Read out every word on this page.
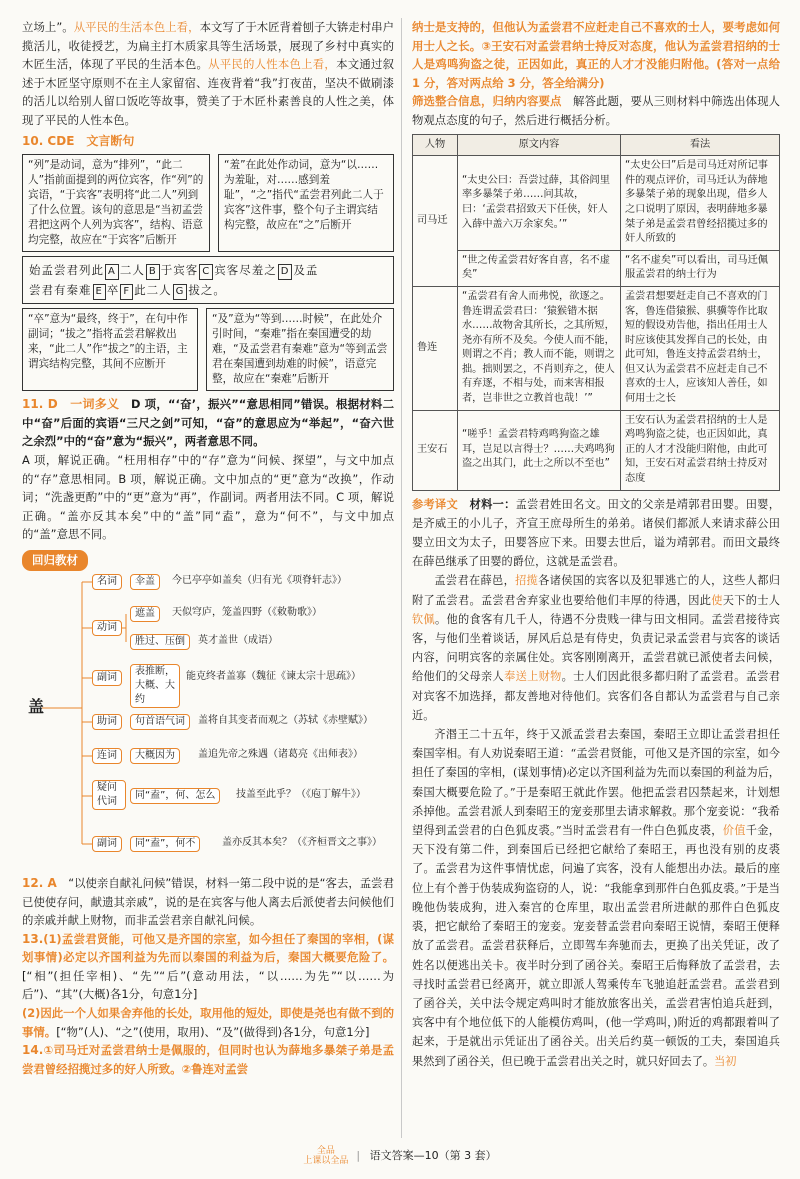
立场上”。从平民的生活本色上看，本文写了于木匠背着刨子大锛走村串户揽活儿，收徒授艺，为扁主打木质家具等生活场景，展现了乡村中真实的木匠生活，体现了平民的生活本色。从平民的人性本色上看，本文通过叙述于木匠坚守原则不在主人家留宿、连夜背着“我”打夜苗，坚决不做刷漆的活儿以给别人留口饭吃等故事，赞美了于木匠朴素善良的人性之美，体现了平民的人性本色。

10. CDE　文言断句
“列”是动词，意为“排列”，“此二人”指前面提到的两位宾客，作“列”的宾语，“于宾客”表明将“此二人”列到了什么位置。该句的意思是“当初孟尝君把这两个人列为宾客”，结构、语意均完整，故应在“于宾客”后断开
“羞”在此处作动词，意为“以……为羞耻，对……感到羞耻”，“之”指代“孟尝君列此二人于宾客”这件事，整个句子主谓宾结构完整，故应在“之”后断开
始孟尝君列此 A 二人 B 于宾客 C 宾客尽羞之 D 及孟
尝君有秦难 E 卒 F 此二人 G 拔之。
“卒”意为“最终，终于”，在句中作副词；“拔之”指将孟尝君解救出来，“此二人”作“拔之”的主语，主谓宾结构完整，其间不应断开
“及”意为“等到……时候”，在此处介引时间，“秦难”指在秦国遭受的劫难，“及孟尝君有秦难”意为“等到孟尝君在秦国遭到劫难的时候”，语意完整，故应在“秦难”后断开

11. D　一词多义　 D 项，“‘奋’，振兴”“意思相同”错误。根据材料二中“奋”后面的宾语“三尺之剑”可知，“奋”的意思应为“举起”，“奋六世之余烈”中的“奋”意为“振兴”，两者意思不同。

A 项，解说正确。“枉用相存”中的“存”意为“问候、探望”，与文中加点的“存”意思相同。B 项，解说正确。文中加点的“更”意为“改换”，作动词；“洗盏更酌”中的“更”意为“再”，作副词。两者用法不同。C 项，解说正确。“盖亦反其本矣”中的“盖”同“盍”，意为“何不”，与文中加点的“盖”意思不同。

回归教材
盖
名词	伞盖	今已亭亭如盖矣（归有光《项脊轩志》）
动词
遮盖	天似穹庐，笼盖四野（《敕勒歌》）
胜过、压倒	英才盖世（成语）
副词
表推断，大概、大约
能克终者盖寡（魏征《谏太宗十思疏》）
助词	句首语气词	盖将自其变者而观之（苏轼《赤壁赋》）
连词	大概因为	盖追先帝之殊遇（诸葛亮《出师表》）
疑问代词
同“盍”，何、怎么	技盖至此乎？（《庖丁解牛》）
副词	同“盍”，何不	盖亦反其本矣？（《齐桓晋文之事》）

12. A　 “以使亲自献礼问候”错误，材料一第二段中说的是“客去，孟尝君已使使存问，献遗其亲戚”，说的是在宾客与他人离去后派使者去问候他们的亲戚并献上财物，而非孟尝君亲自献礼问候。

13.(1)孟尝君贤能，可他又是齐国的宗室，如今担任了秦国的宰相，(谋划事情)必定以齐国利益为先而以秦国的利益为后，秦国大概要危险了。[“相”(担任宰相)、“先”“后”(意动用法，“以……为先”“以……为后”)、“其”(大概)各1分，句意1分]

(2)因此一个人如果舍弃他的长处，取用他的短处，即使是尧也有做不到的事情。[“物”(人)、“之”(使用，取用)、“及”(做得到)各1分，句意1分]

14.①司马迁对孟尝君纳士是佩服的，但同时也认为薛地多暴桀子弟是孟尝君曾经招揽过多的好人所致。②鲁连对孟尝

纳士是支持的，但他认为孟尝君不应赶走自己不喜欢的士人，要考虑如何用士人之长。③王安石对孟尝君纳士持反对态度，他认为孟尝君招纳的士人是鸡鸣狗盗之徒，正因如此，真正的人才才没能归附他。(答对一点给 1 分，答对两点给 3 分，答全给满分)

筛选整合信息，归纳内容要点　解答此题，要从三则材料中筛选出体现人物观点态度的句子，然后进行概括分析。

人物	原文内容	看法
司马迁	“太史公曰：吾尝过薛，其俗闾里率多暴桀子弟……问其故，曰：‘孟尝君招致天下任侠，奸人入薛中盖六万余家矣。’”	“太史公曰”后是司马迁对所记事件的观点评价，司马迁认为薛地多暴桀子弟的现象出现，借乡人之口说明了原因，表明薛地多暴桀子弟是孟尝君曾经招揽过多的奸人所致的
	“世之传孟尝君好客自喜，名不虚矣”	“名不虚矣”可以看出，司马迁佩服孟尝君的纳士行为
鲁连	“孟尝君有舍人而弗悦，欲逐之。鲁连谓孟尝君曰：‘猿猴错木据水……故物舍其所长，之其所短，尧亦有所不及矣。今使人而不能，则谓之不肖；教人而不能，则谓之拙。拙则罢之，不肖则弃之，使人有弃逐，不相与处，而来害相报者，岂非世之立教首也哉！’”	孟尝君想要赶走自己不喜欢的门客，鲁连借猿猴、骐骥等作比取短的假设劝告他，指出任用士人时应该使其发挥自己的长处，由此可知，鲁连支持孟尝君纳士，但又认为孟尝君不应赶走自己不喜欢的士人，应该知人善任，如何用士之长
王安石	“嗟乎！孟尝君特鸡鸣狗盗之雄耳，岂足以言得士？……夫鸡鸣狗盗之出其门，此士之所以不至也”	王安石认为孟尝君招纳的士人是鸡鸣狗盗之徒，也正因如此，真正的人才才没能归附他，由此可知，王安石对孟尝君纳士持反对态度

参考译文　 材料一：孟尝君姓田名文。田文的父亲是靖郭君田婴。田婴，是齐威王的小儿子，齐宣王庶母所生的弟弟。诸侯们都派人来请求薛公田婴立田文为太子，田婴答应下来。田婴去世后，谥为靖郭君。而田文最终在薛邑继承了田婴的爵位，这就是孟尝君。

孟尝君在薛邑，招揽各诸侯国的宾客以及犯罪逃亡的人，这些人都归附了孟尝君。孟尝君舍弃家业也要给他们丰厚的待遇，因此使天下的士人钦佩。他的食客有几千人，待遇不分贵贱一律与田文相同。孟尝君接待宾客，与他们坐着谈话，屏风后总是有侍史，负责记录孟尝君与宾客的谈话内容，问明宾客的亲属住处。宾客刚刚离开，孟尝君就已派使者去问候，给他们的父母亲人奉送上财物。士人们因此很多都归附了孟尝君。孟尝君对宾客不加选择，都友善地对待他们。宾客们各自都认为孟尝君与自己亲近。

齐湣王二十五年，终于又派孟尝君去秦国，秦昭王立即让孟尝君担任秦国宰相。有人劝说秦昭王道：“孟尝君贤能，可他又是齐国的宗室，如今担任了秦国的宰相，(谋划事情)必定以齐国利益为先而以秦国的利益为后，秦国大概要危险了。”于是秦昭王就此作罢。他把孟尝君囚禁起来，计划想杀掉他。孟尝君派人到秦昭王的宠妾那里去请求解救。那个宠妾说：“我希望得到孟尝君的白色狐皮裘。”当时孟尝君有一件白色狐皮裘，价值千金，天下没有第二件，到秦国后已经把它献给了秦昭王，再也没有别的皮裘了。孟尝君为这件事情忧虑，问遍了宾客，没有人能想出办法。最后的座位上有个善于伪装成狗盗窃的人，说：“我能拿到那件白色狐皮裘。”于是当晚他伪装成狗，进入秦宫的仓库里，取出孟尝君所进献的那件白色狐皮裘，把它献给了秦昭王的宠妾。宠妾替孟尝君向秦昭王说情，秦昭王便释放了孟尝君。孟尝君获释后，立即驾车奔驰而去，更换了出关凭证，改了姓名以便逃出关卡。夜半时分到了函谷关。秦昭王后悔释放了孟尝君，去寻找时孟尝君已经离开，就立即派人驾乘传车飞驰追赶孟尝君。孟尝君到了函谷关，关中法令规定鸡叫时才能放旅客出关，孟尝君害怕追兵赶到，宾客中有个地位低下的人能模仿鸡叫，(他一学鸡叫，)附近的鸡都跟着叫了起来，于是就出示凭证出了函谷关。出关后约莫一顿饭的工夫，秦国追兵果然到了函谷关，但已晚于孟尝君出关之时，就只好回去了。当初

全品
上课以全品 | 语文答案—10（第 3 套）
